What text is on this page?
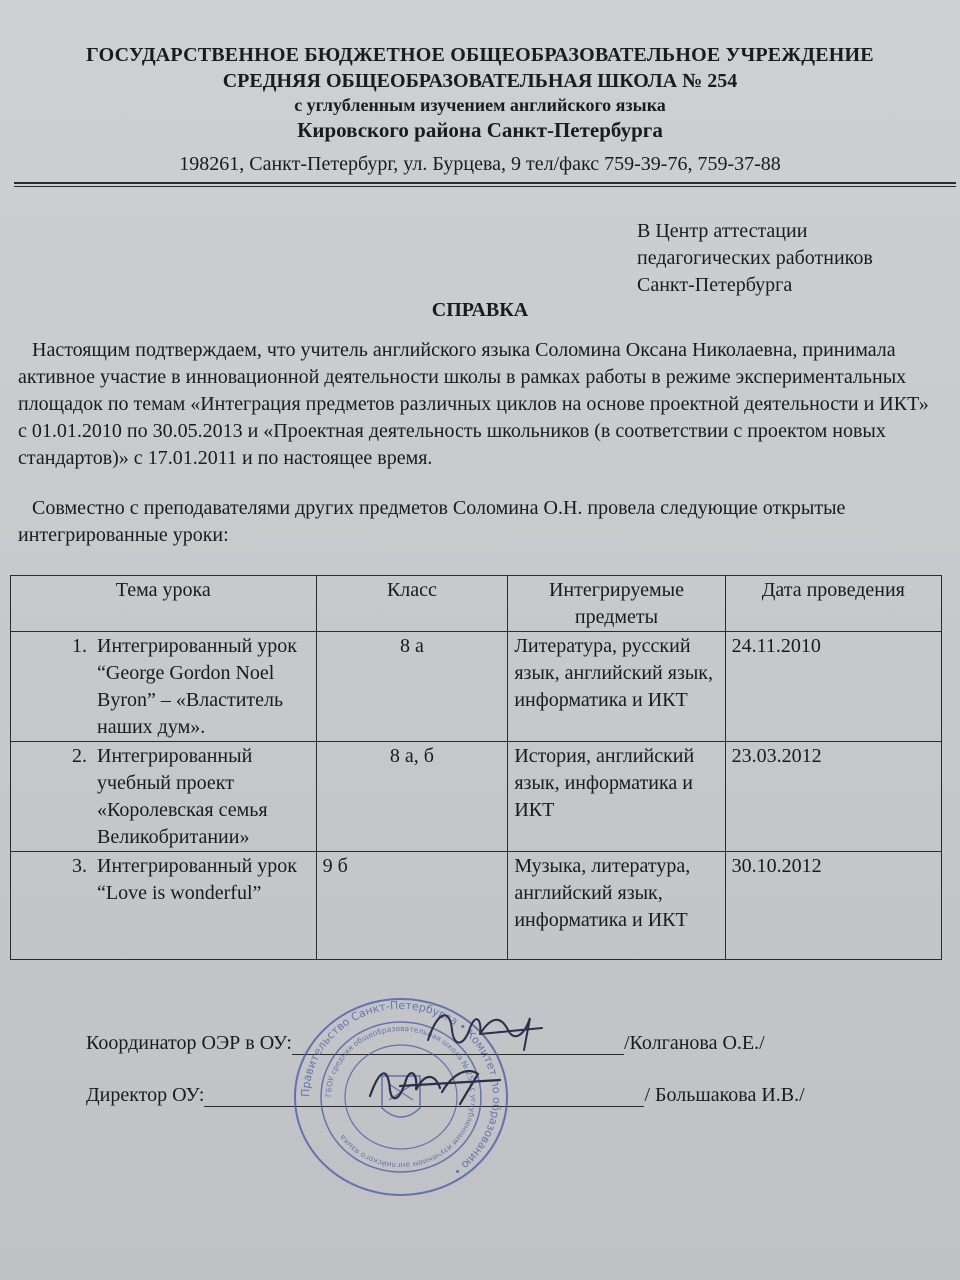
ГОСУДАРСТВЕННОЕ БЮДЖЕТНОЕ ОБЩЕОБРАЗОВАТЕЛЬНОЕ УЧРЕЖДЕНИЕ
СРЕДНЯЯ ОБЩЕОБРАЗОВАТЕЛЬНАЯ ШКОЛА № 254
с углубленным изучением английского языка
Кировского района Санкт-Петербурга
198261, Санкт-Петербург, ул. Бурцева, 9 тел/факс 759-39-76, 759-37-88
В Центр аттестации
педагогических работников
Санкт-Петербурга
СПРАВКА
Настоящим подтверждаем, что учитель английского языка Соломина Оксана Николаевна, принимала активное участие в инновационной деятельности школы в рамках работы в режиме экспериментальных площадок по темам «Интеграция предметов различных циклов на основе проектной деятельности и ИКТ» с 01.01.2010 по 30.05.2013 и «Проектная деятельность школьников (в соответствии с проектом новых стандартов)» с 17.01.2011 и по настоящее время.
Совместно с преподавателями других предметов Соломина О.Н. провела следующие открытые интегрированные уроки:
Тема урока	Класс	Интегрируемые предметы	Дата проведения

1. Интегрированный урок “George Gordon Noel Byron” – «Властитель наших дум».	8 а	Литература, русский язык, английский язык, информатика и ИКТ	24.11.2010

2. Интегрированный учебный проект «Королевская семья Великобритании»	8 а, б	История, английский язык, информатика и ИКТ	23.03.2012

3. Интегрированный урок “Love is wonderful”	9 б	Музыка, литература, английский язык, информатика и ИКТ	30.10.2012
Координатор ОЭР в ОУ:	/Колганова О.Е./
Директор ОУ:	/ Большакова И.В./
Правительство Санкт-Петербурга • Комитет по образованию •
ГБОУ средняя общеобразовательная школа № 254 с углубленным изучением английского языка
